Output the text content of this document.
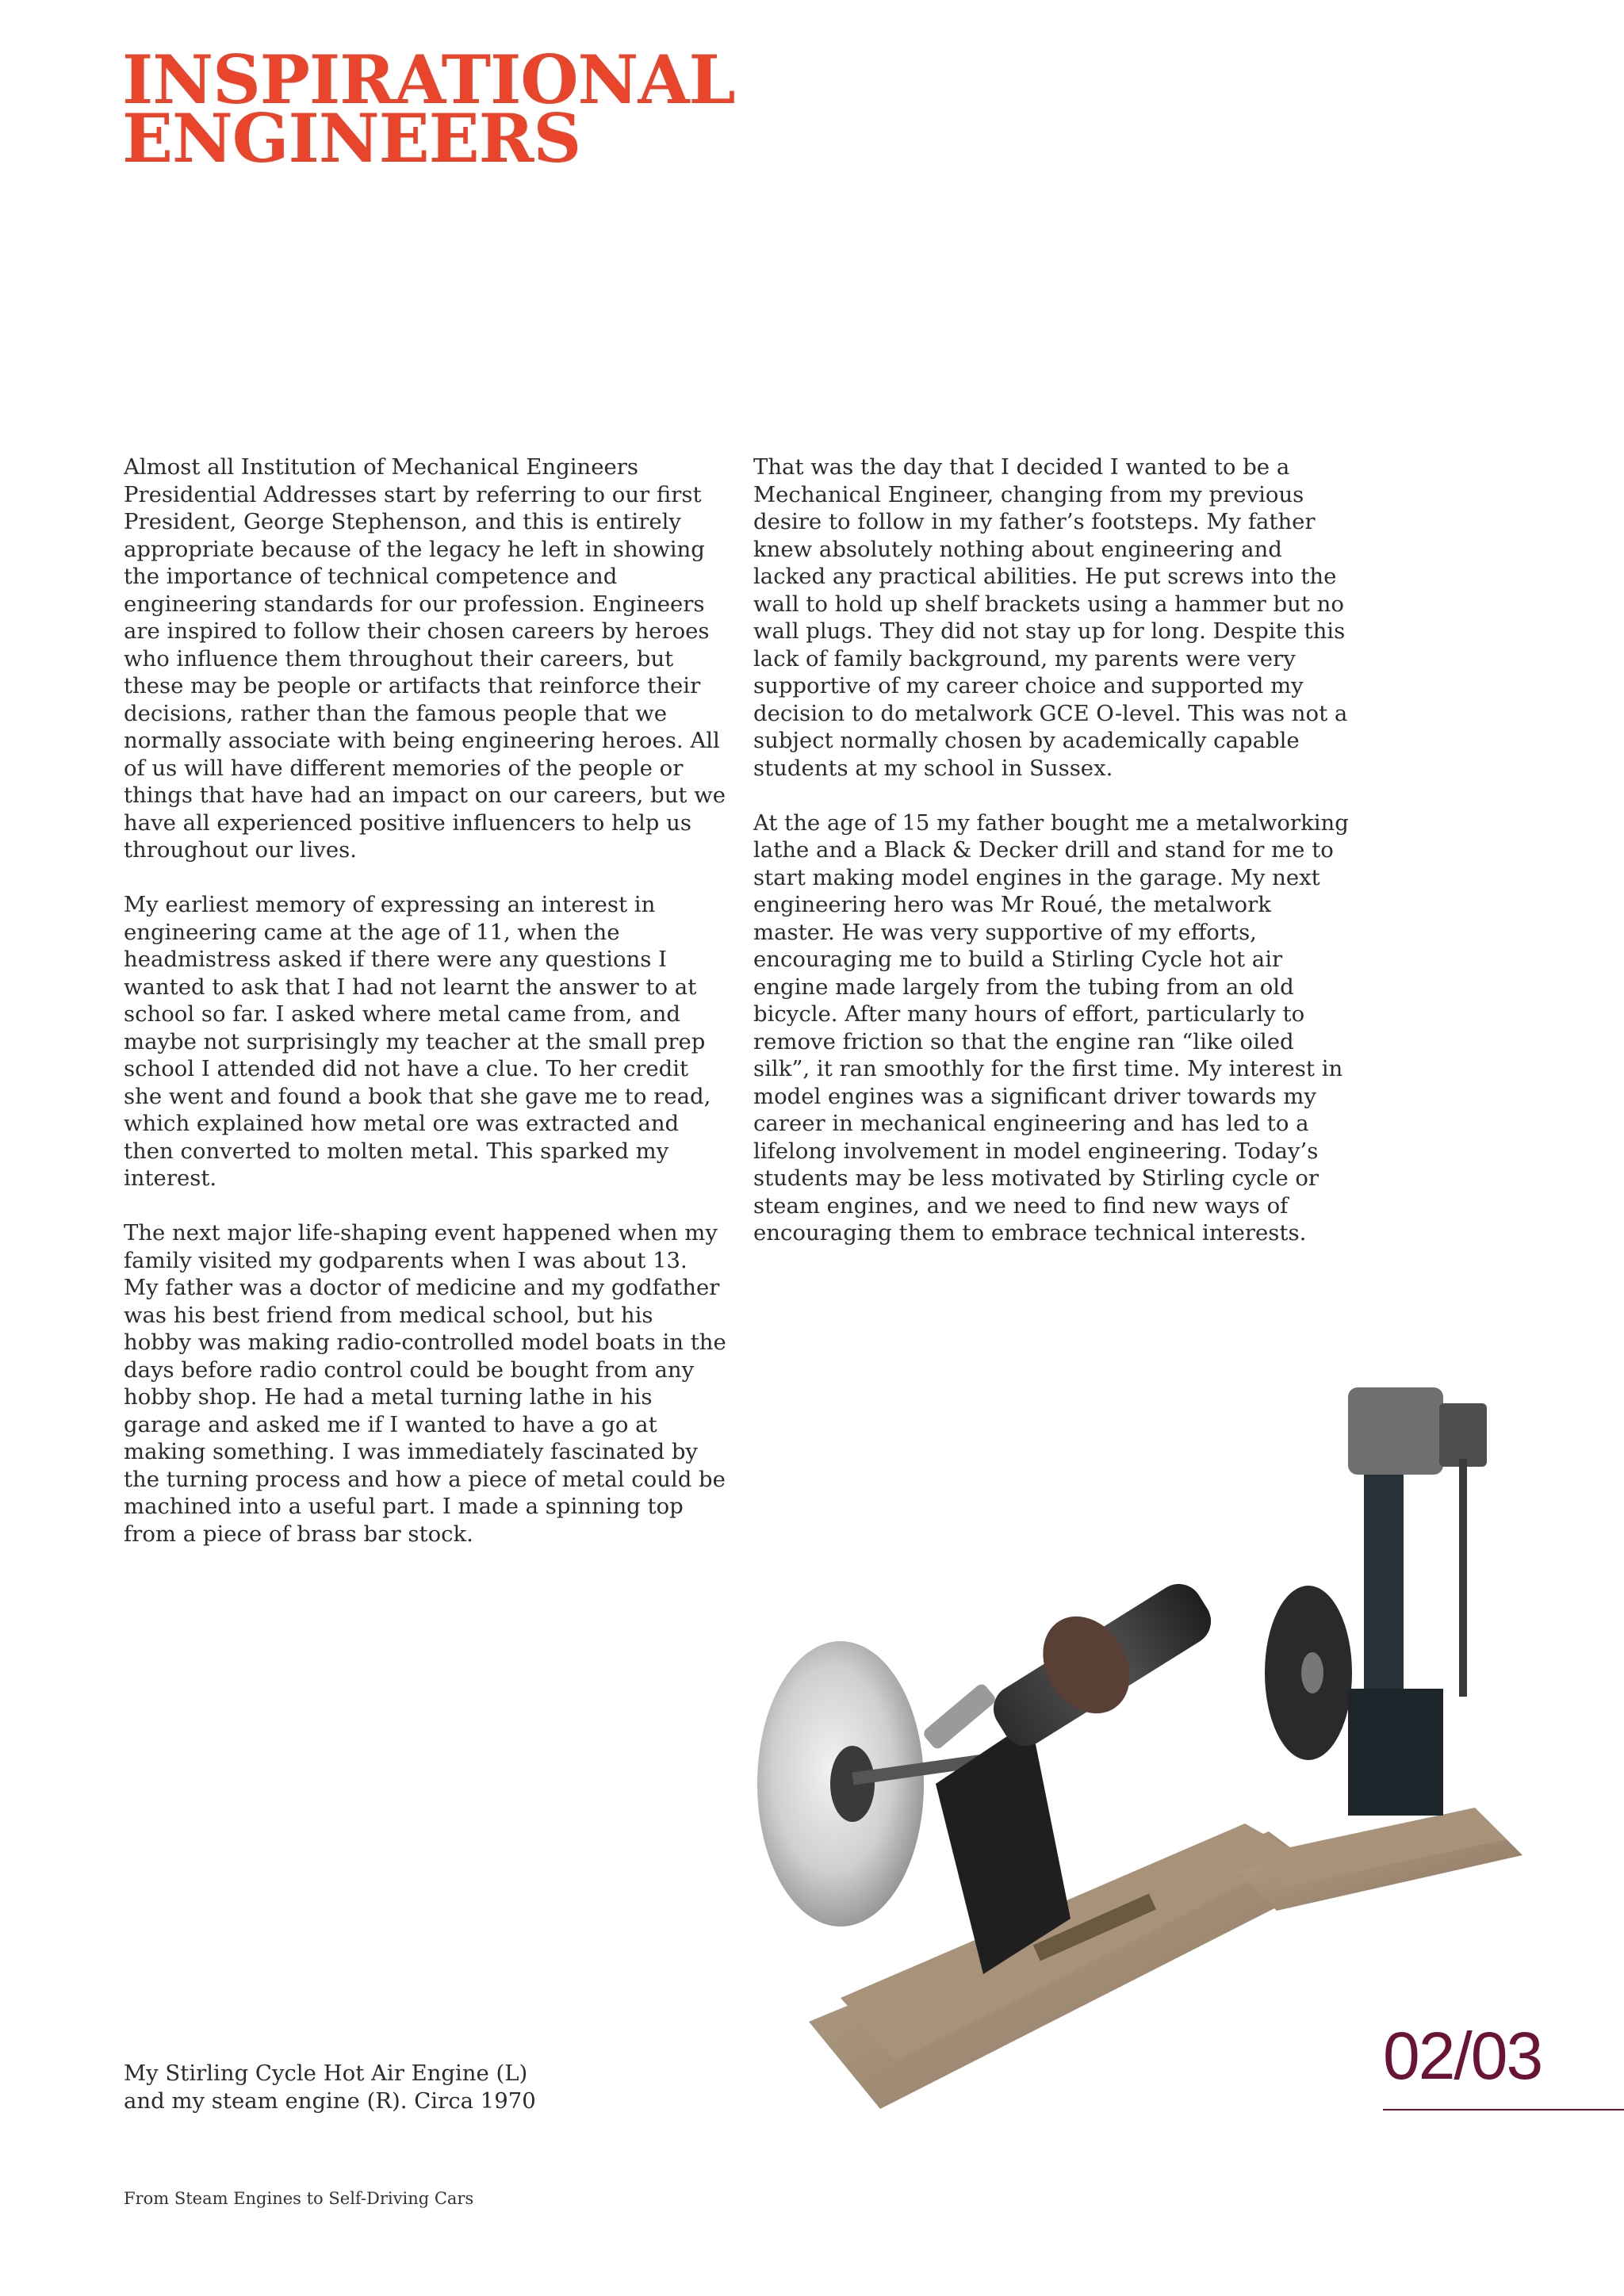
INSPIRATIONAL
ENGINEERS

Almost all Institution of Mechanical Engineers Presidential Addresses start by referring to our first President, George Stephenson, and this is entirely appropriate because of the legacy he left in showing the importance of technical competence and engineering standards for our profession. Engineers are inspired to follow their chosen careers by heroes who influence them throughout their careers, but these may be people or artifacts that reinforce their decisions, rather than the famous people that we normally associate with being engineering heroes. All of us will have different memories of the people or things that have had an impact on our careers, but we have all experienced positive influencers to help us throughout our lives.

My earliest memory of expressing an interest in engineering came at the age of 11, when the headmistress asked if there were any questions I wanted to ask that I had not learnt the answer to at school so far. I asked where metal came from, and maybe not surprisingly my teacher at the small prep school I attended did not have a clue. To her credit she went and found a book that she gave me to read, which explained how metal ore was extracted and then converted to molten metal. This sparked my interest.

The next major life-shaping event happened when my family visited my godparents when I was about 13. My father was a doctor of medicine and my godfather was his best friend from medical school, but his hobby was making radio-controlled model boats in the days before radio control could be bought from any hobby shop. He had a metal turning lathe in his garage and asked me if I wanted to have a go at making something. I was immediately fascinated by the turning process and how a piece of metal could be machined into a useful part. I made a spinning top from a piece of brass bar stock.

That was the day that I decided I wanted to be a Mechanical Engineer, changing from my previous desire to follow in my father’s footsteps. My father knew absolutely nothing about engineering and lacked any practical abilities. He put screws into the wall to hold up shelf brackets using a hammer but no wall plugs. They did not stay up for long. Despite this lack of family background, my parents were very supportive of my career choice and supported my decision to do metalwork GCE O-level. This was not a subject normally chosen by academically capable students at my school in Sussex.

At the age of 15 my father bought me a metalworking lathe and a Black & Decker drill and stand for me to start making model engines in the garage. My next engineering hero was Mr Roué, the metalwork master. He was very supportive of my efforts, encouraging me to build a Stirling Cycle hot air engine made largely from the tubing from an old bicycle. After many hours of effort, particularly to remove friction so that the engine ran “like oiled silk”, it ran smoothly for the first time. My interest in model engines was a significant driver towards my career in mechanical engineering and has led to a lifelong involvement in model engineering. Today’s students may be less motivated by Stirling cycle or steam engines, and we need to find new ways of encouraging them to embrace technical interests.

My Stirling Cycle Hot Air Engine (L)
and my steam engine (R). Circa 1970

02/03
From Steam Engines to Self-Driving Cars
